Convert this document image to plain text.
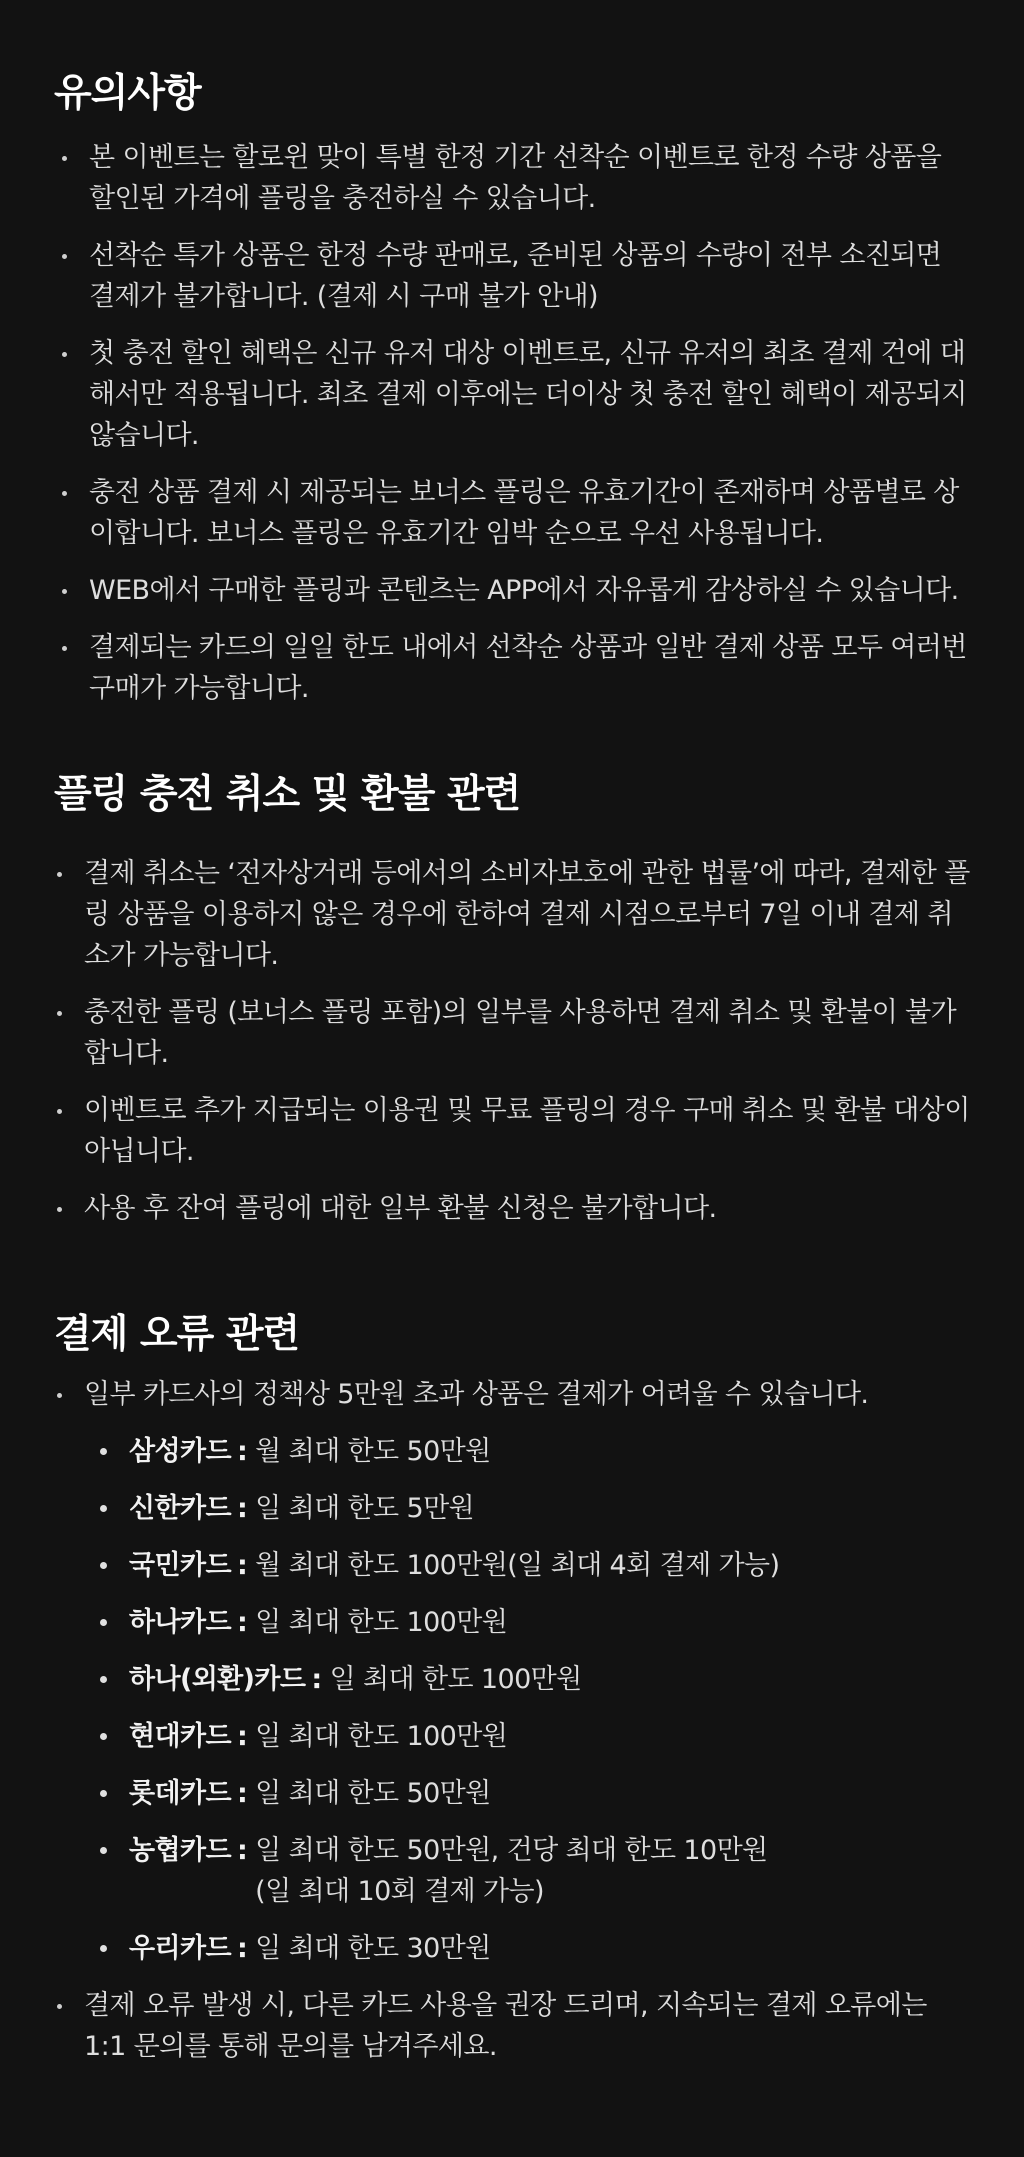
유의사항
본 이벤트는 할로윈 맞이 특별 한정 기간 선착순 이벤트로 한정 수량 상품을 할인된 가격에 플링을 충전하실 수 있습니다.
선착순 특가 상품은 한정 수량 판매로, 준비된 상품의 수량이 전부 소진되면 결제가 불가합니다. (결제 시 구매 불가 안내)
첫 충전 할인 혜택은 신규 유저 대상 이벤트로, 신규 유저의 최초 결제 건에 대해서만 적용됩니다. 최초 결제 이후에는 더이상 첫 충전 할인 혜택이 제공되지 않습니다.
충전 상품 결제 시 제공되는 보너스 플링은 유효기간이 존재하며 상품별로 상이합니다. 보너스 플링은 유효기간 임박 순으로 우선 사용됩니다.
WEB에서 구매한 플링과 콘텐츠는 APP에서 자유롭게 감상하실 수 있습니다.
결제되는 카드의 일일 한도 내에서 선착순 상품과 일반 결제 상품 모두 여러번 구매가 가능합니다.
플링 충전 취소 및 환불 관련
결제 취소는 ‘전자상거래 등에서의 소비자보호에 관한 법률’에 따라, 결제한 플링 상품을 이용하지 않은 경우에 한하여 결제 시점으로부터 7일 이내 결제 취소가 가능합니다.
충전한 플링 (보너스 플링 포함)의 일부를 사용하면 결제 취소 및 환불이 불가합니다.
이벤트로 추가 지급되는 이용권 및 무료 플링의 경우 구매 취소 및 환불 대상이 아닙니다.
사용 후 잔여 플링에 대한 일부 환불 신청은 불가합니다.
결제 오류 관련
일부 카드사의 정책상 5만원 초과 상품은 결제가 어려울 수 있습니다.
삼성카드 : 월 최대 한도 50만원
신한카드 : 일 최대 한도 5만원
국민카드 : 월 최대 한도 100만원(일 최대 4회 결제 가능)
하나카드 : 일 최대 한도 100만원
하나(외환)카드 : 일 최대 한도 100만원
현대카드 : 일 최대 한도 100만원
롯데카드 : 일 최대 한도 50만원
농협카드 : 일 최대 한도 50만원, 건당 최대 한도 10만원
(일 최대 10회 결제 가능)
우리카드 : 일 최대 한도 30만원
결제 오류 발생 시, 다른 카드 사용을 권장 드리며, 지속되는 결제 오류에는 1:1 문의를 통해 문의를 남겨주세요.
